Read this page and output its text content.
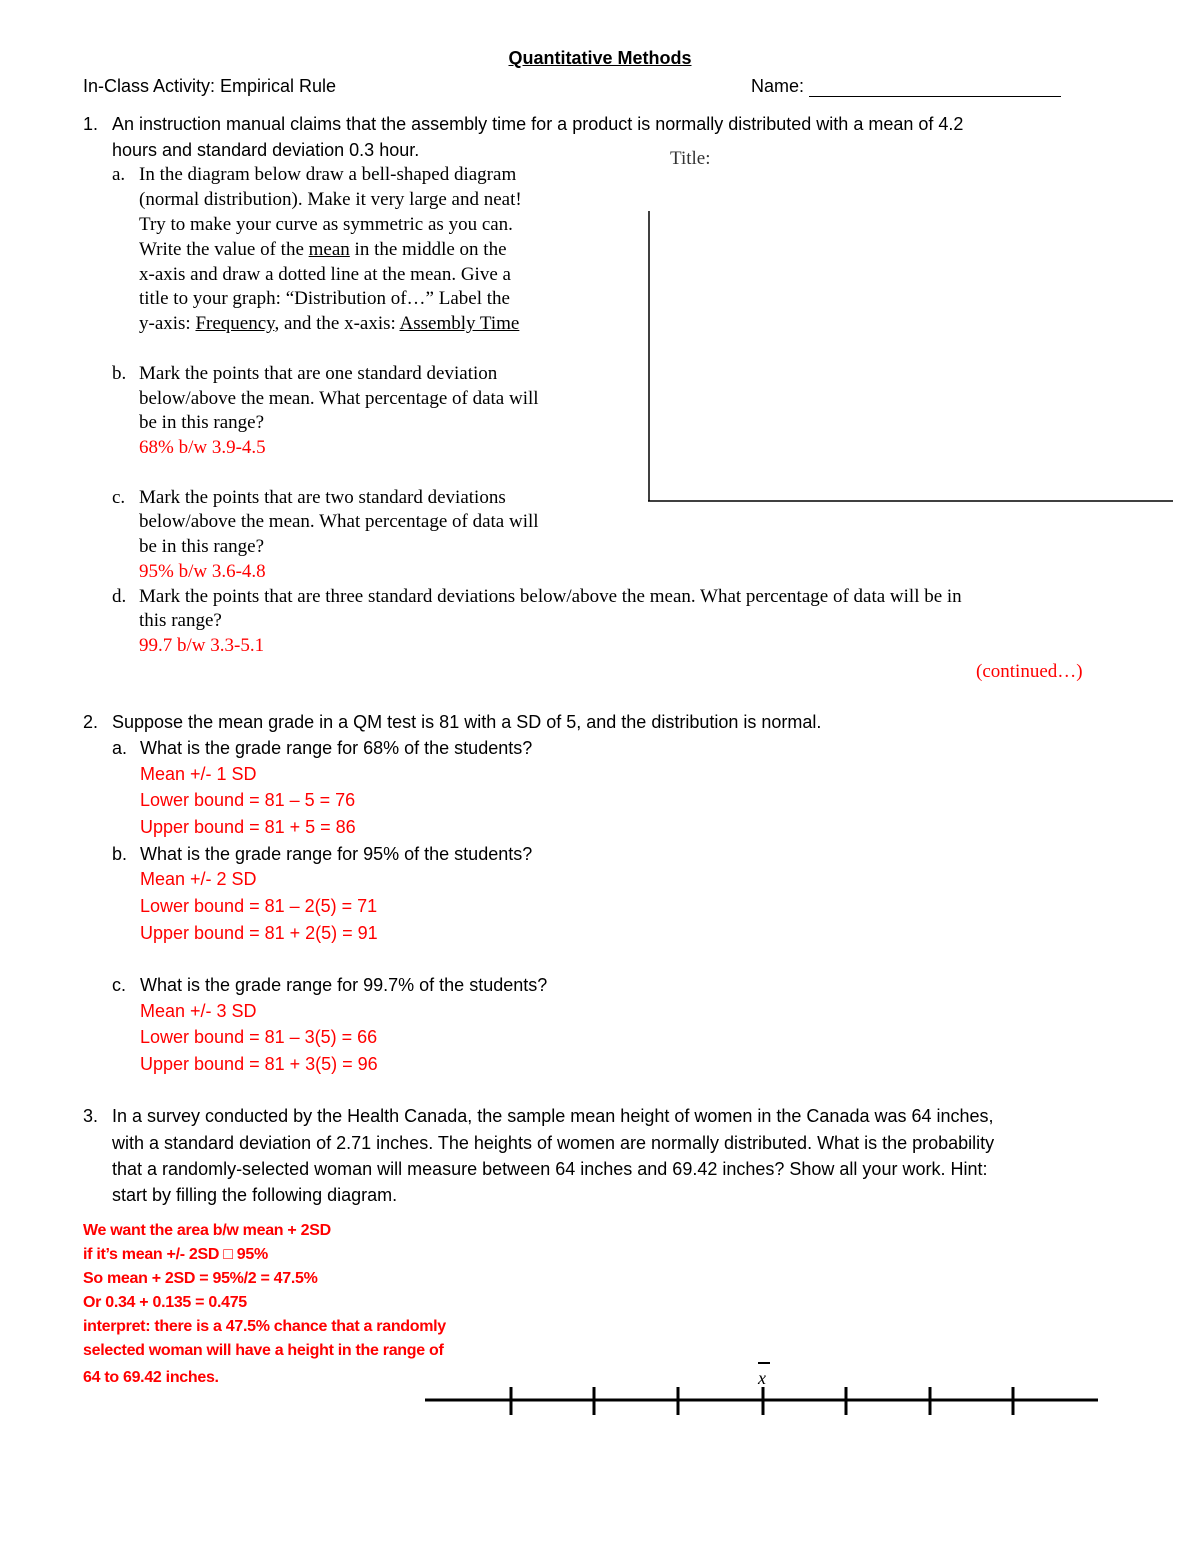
Quantitative Methods
In-Class Activity: Empirical Rule	Name:
1. An instruction manual claims that the assembly time for a product is normally distributed with a mean of 4.2
hours and standard deviation 0.3 hour.	Title:
a. In the diagram below draw a bell-shaped diagram
(normal distribution). Make it very large and neat!
Try to make your curve as symmetric as you can.
Write the value of the mean in the middle on the
x-axis and draw a dotted line at the mean. Give a
title to your graph: “Distribution of…” Label the
y-axis: Frequency, and the x-axis: Assembly Time
b. Mark the points that are one standard deviation
below/above the mean. What percentage of data will
be in this range?
68% b/w 3.9-4.5
c. Mark the points that are two standard deviations
below/above the mean. What percentage of data will
be in this range?
95% b/w 3.6-4.8
d. Mark the points that are three standard deviations below/above the mean. What percentage of data will be in
this range?
99.7 b/w 3.3-5.1
(continued…)
2. Suppose the mean grade in a QM test is 81 with a SD of 5, and the distribution is normal.
a. What is the grade range for 68% of the students?
Mean +/- 1 SD
Lower bound = 81 – 5 = 76
Upper bound = 81 + 5 = 86
b. What is the grade range for 95% of the students?
Mean +/- 2 SD
Lower bound = 81 – 2(5) = 71
Upper bound = 81 + 2(5) = 91
c. What is the grade range for 99.7% of the students?
Mean +/- 3 SD
Lower bound = 81 – 3(5) = 66
Upper bound = 81 + 3(5) = 96
3. In a survey conducted by the Health Canada, the sample mean height of women in the Canada was 64 inches,
with a standard deviation of 2.71 inches. The heights of women are normally distributed. What is the probability
that a randomly-selected woman will measure between 64 inches and 69.42 inches? Show all your work. Hint:
start by filling the following diagram.
We want the area b/w mean + 2SD
if it’s mean +/- 2SD □ 95%
So mean + 2SD = 95%/2 = 47.5%
Or 0.34 + 0.135 = 0.475
interpret: there is a 47.5% chance that a randomly
selected woman will have a height in the range of
64 to 69.42 inches.	x
